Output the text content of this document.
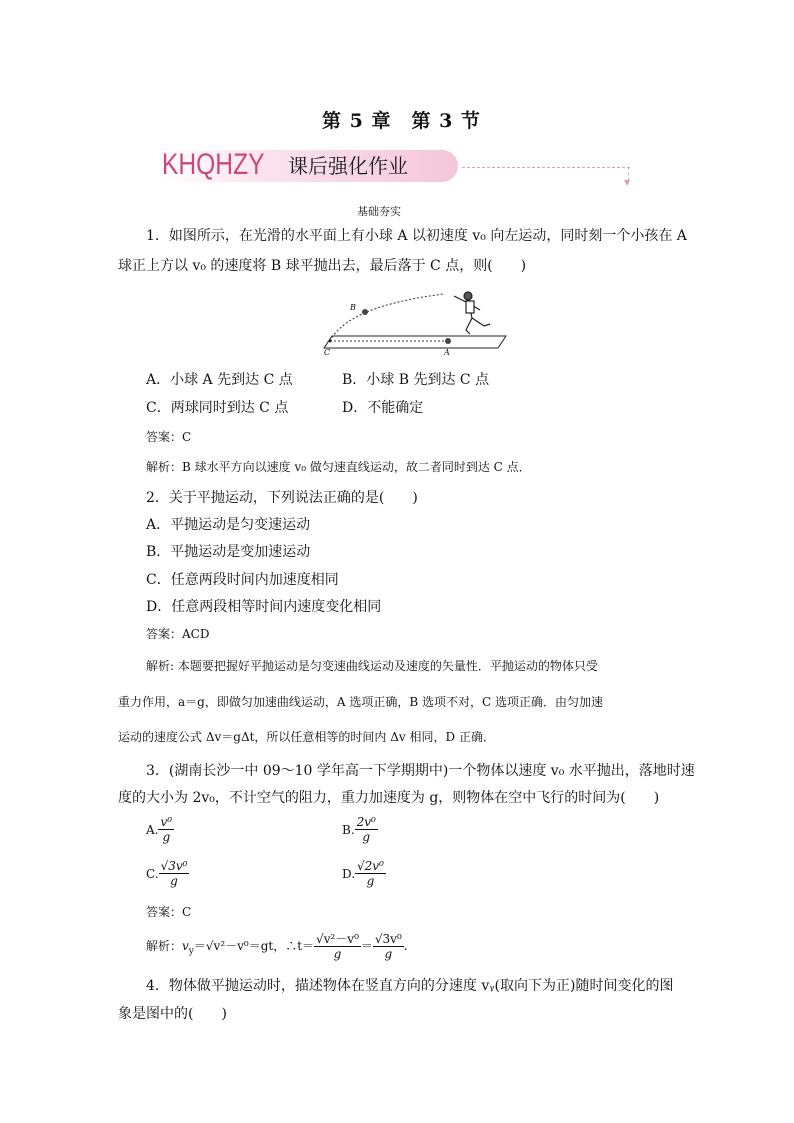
第 5 章　第 3 节
KHQHZY 课后强化作业
▼
基础夯实
1．如图所示，在光滑的水平面上有小球 A 以初速度 v₀ 向左运动，同时刻一个小孩在 A
球正上方以 v₀ 的速度将 B 球平抛出去，最后落于 C 点，则(　　)
B
C	A
A．小球 A 先到达 C 点	B．小球 B 先到达 C 点
C．两球同时到达 C 点	D．不能确定
答案：C
解析：B 球水平方向以速度 v₀ 做匀速直线运动，故二者同时到达 C 点．
2．关于平抛运动，下列说法正确的是(　　)
A．平抛运动是匀变速运动
B．平抛运动是变加速运动
C．任意两段时间内加速度相同
D．任意两段相等时间内速度变化相同
答案：ACD
解析: 本题要把握好平抛运动是匀变速曲线运动及速度的矢量性．平抛运动的物体只受
重力作用，a＝g，即做匀加速曲线运动，A 选项正确，B 选项不对，C 选项正确．由匀加速
运动的速度公式 Δv＝gΔt，所以任意相等的时间内 Δv 相同，D 正确．
3．(湖南长沙一中 09～10 学年高一下学期期中)一个物体以速度 v₀ 水平抛出，落地时速
度的大小为 2v₀，不计空气的阻力，重力加速度为 g，则物体在空中飞行的时间为(　　)
A. $\frac{\text{v⁰}}{g}$	B. $\frac{\text{2v⁰}}{g}$
C. $\frac{\text{√3v⁰}}{g}$	D. $\frac{\text{√2v⁰}}{g}$
答案：C
解析：$v_y=√v^2-v^0=gt$，∴t＝ $\frac{\text{√v²－v⁰}}{g} = \frac{\text{√3v⁰}}{g}$ .
4．物体做平抛运动时，描述物体在竖直方向的分速度 vᵧ(取向下为正)随时间变化的图
象是图中的(　　)
